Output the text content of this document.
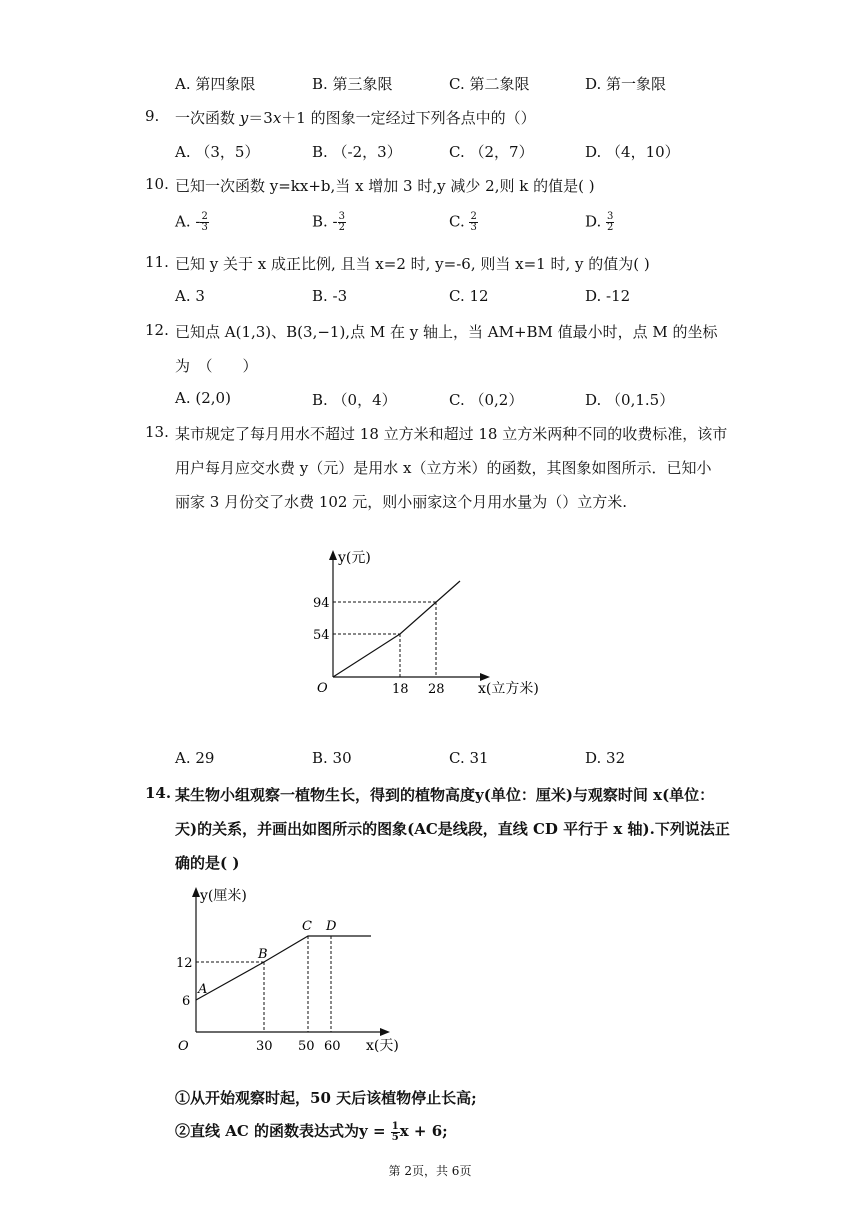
A. 第四象限	B. 第三象限	C. 第二象限	D. 第一象限
9. 一次函数 y＝3x＋1 的图象一定经过下列各点中的（）
A. （3，5）	B. （-2，3）	C. （2，7）	D. （4，10）
10. 已知一次函数 y=kx+b,当 x 增加 3 时,y 减少 2,则 k 的值是( )
A. - $\frac{2}{3}$	B. - $\frac{3}{2}$	C. $\frac{2}{3}$	D. $\frac{3}{2}$
11. 已知 y 关于 x 成正比例, 且当 x=2 时, y=-6, 则当 x=1 时, y 的值为( )
A. 3	B. -3	C. 12	D. -12
12. 已知点 A(1,3)、B(3,−1),点 M 在 y 轴上，当 AM+BM 值最小时，点 M 的坐标
为　（　　）
A. (2,0)	B. （0，4）	C. （0,2）	D. （0,1.5）
13. 某市规定了每月用水不超过 18 立方米和超过 18 立方米两种不同的收费标准，该市
用户每月应交水费 y（元）是用水 x（立方米）的函数，其图象如图所示．已知小
丽家 3 月份交了水费 102 元，则小丽家这个月用水量为（）立方米.
y(元)
x(立方米)
O
94
54
18 28
A. 29	B. 30	C. 31	D. 32
14. 某生物小组观察一植物生长，得到的植物高度y(单位：厘米)与观察时间 x(单位：
天)的关系，并画出如图所示的图象(AC是线段，直线 CD 平行于 x 轴).下列说法正
确的是( )
y(厘米)
x(天)
O
12
6
30 50 60
A
B
C D
①从开始观察时起，50 天后该植物停止长高;
②直线 AC 的函数表达式为$y = \frac{1}{5}$ x + 6;
第 2页，共 6页
